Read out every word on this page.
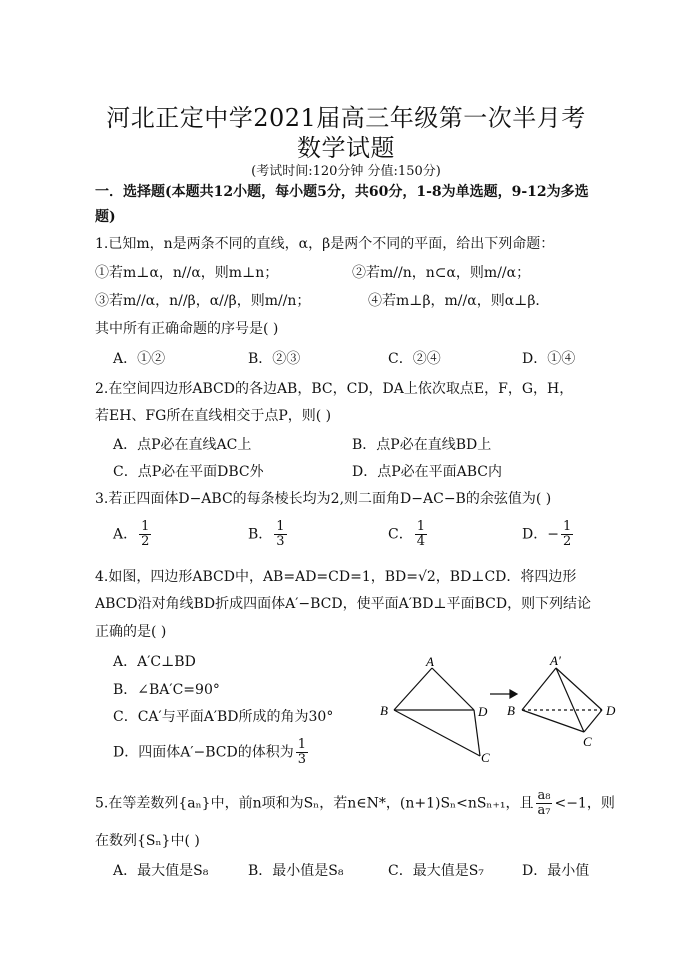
河北正定中学2021届高三年级第一次半月考
数学试题
(考试时间:120分钟 分值:150分)
一．选择题(本题共12小题，每小题5分，共60分，1-8为单选题，9-12为多选
题)
1.已知m，n是两条不同的直线，α，β是两个不同的平面，给出下列命题：
①若m⊥α，n//α，则m⊥n；	②若m//n，n⊂α，则m//α；
③若m//α，n//β，α//β，则m//n；	④若m⊥β，m//α，则α⊥β．
其中所有正确命题的序号是( )
A．①②	B．②③	C．②④	D．①④
2.在空间四边形ABCD的各边AB，BC，CD，DA上依次取点E，F，G，H，
若EH、FG所在直线相交于点P，则( )
A．点P必在直线AC上	B．点P必在直线BD上
C．点P必在平面DBC外	D．点P必在平面ABC内
3.若正四面体D−ABC的每条棱长均为2,则二面角D−AC−B的余弦值为( )
A． $\frac{1}{2}$	B． $\frac{1}{3}$	C． $\frac{1}{4}$	D．− $\frac{1}{2}$
4.如图，四边形ABCD中，AB=AD=CD=1，BD=√2，BD⊥CD．将四边形
ABCD沿对角线BD折成四面体A′−BCD，使平面A′BD⊥平面BCD，则下列结论
正确的是( )
A．A′C⊥BD
B．∠BA′C=90°
C．CA′与平面A′BD所成的角为30°
D．四面体A′−BCD的体积为 $\frac{1}{3}$
A
B	D
C
A′
B	D
C
5.在等差数列{aₙ}中，前n项和为Sₙ，若n∈N*，(n+1)Sₙ<nSₙ₊₁，且 $\frac{\text{a₈}}{\text{a₇}} <-1$，则
在数列{Sₙ}中( )
A．最大值是S₈	B．最小值是S₈	C．最大值是S₇	D．最小值
